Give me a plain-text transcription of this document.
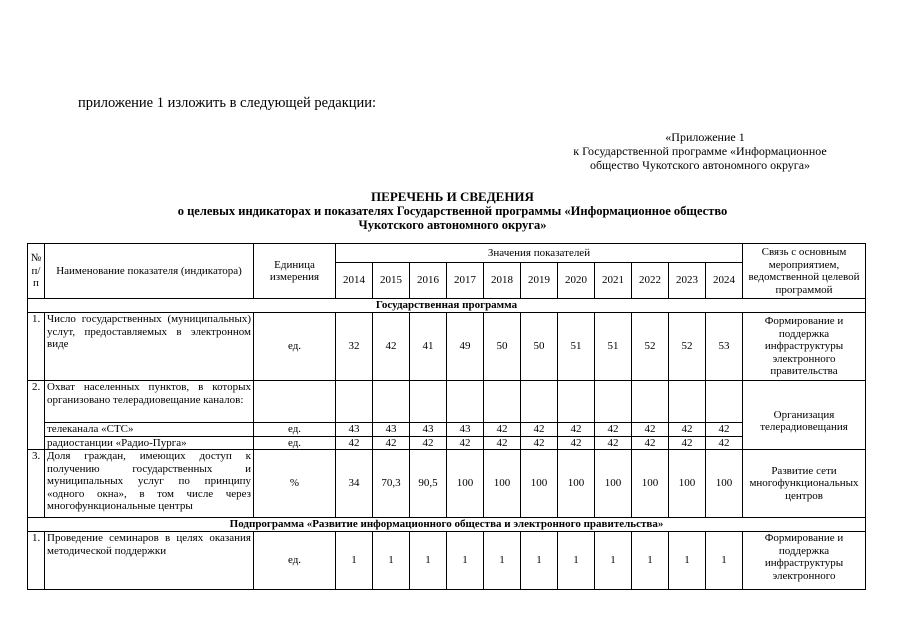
приложение 1 изложить в следующей редакции:
«Приложение 1
к Государственной программе «Информационное
общество Чукотского автономного округа»
ПЕРЕЧЕНЬ И СВЕДЕНИЯ
о целевых индикаторах и показателях Государственной программы «Информационное общество
Чукотского автономного округа»
№ п/п	Наименование показателя (индикатора)	Единица измерения	Значения показателей											Связь с основным мероприятием, ведомственной целевой программой
			2014	2015	2016	2017	2018	2019	2020	2021	2022	2023	2024	
Государственная программа														
1.	Число государственных (муниципальных) услут, предоставляемых в электронном виде	ед.	32	42	41	49	50	50	51	51	52	52	53	Формирование и поддержка инфраструктуры электронного правительства
2.	Охват населенных пунктов, в которых организовано телерадиовещание каналов:													Организация телерадиовещания
	телеканала «СТС»	ед.	43	43	43	43	42	42	42	42	42	42	42	
	радиостанции «Радио-Пурга»	ед.	42	42	42	42	42	42	42	42	42	42	42	
3.	Доля граждан, имеющих доступ к получению государственных и муниципальных услуг по принципу «одного окна», в том числе через многофункциональные центры	%	34	70,3	90,5	100	100	100	100	100	100	100	100	Развитие сети многофункциональных центров
Подпрограмма «Развитие информационного общества и электронного правительства»														
1.	Проведение семинаров в целях оказания методической поддержки	ед.	1	1	1	1	1	1	1	1	1	1	1	Формирование и поддержка инфраструктуры электронного
